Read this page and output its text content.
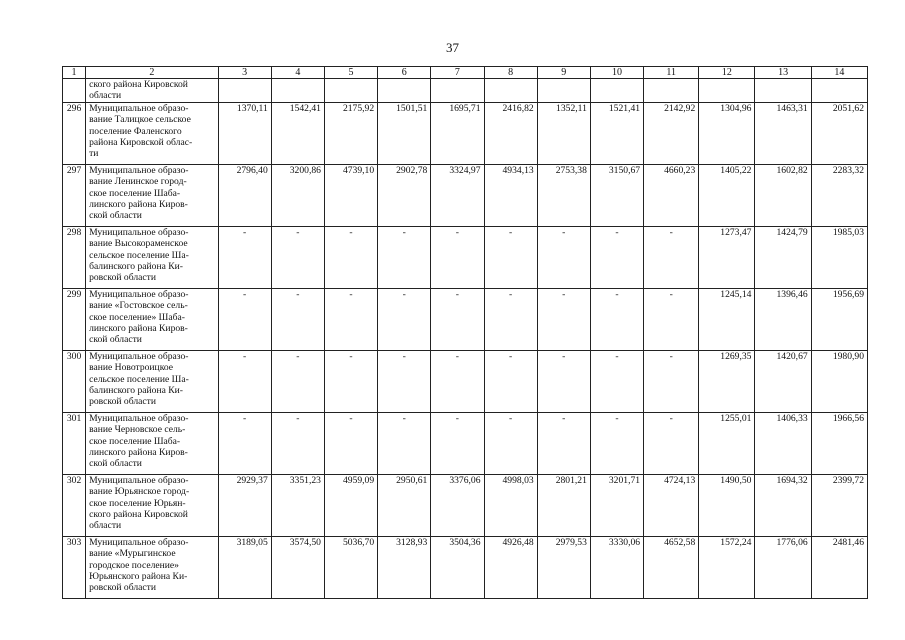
37
1	2	3	4	5	6	7	8	9	10	11	12	13	14
	ского района Кировской
области												
296	Муниципальное образо-
вание Талицкое сельское
поселение Фаленского
района Кировской облас-
ти	1370,11	1542,41	2175,92	1501,51	1695,71	2416,82	1352,11	1521,41	2142,92	1304,96	1463,31	2051,62
297	Муниципальное образо-
вание Ленинское город-
ское поселение Шаба-
линского района Киров-
ской области	2796,40	3200,86	4739,10	2902,78	3324,97	4934,13	2753,38	3150,67	4660,23	1405,22	1602,82	2283,32
298	Муниципальное образо-
вание Высокораменское
сельское поселение Ша-
балинского района Ки-
ровской области	-	-	-	-	-	-	-	-	-	1273,47	1424,79	1985,03
299	Муниципальное образо-
вание «Гостовское сель-
ское поселение» Шаба-
линского района Киров-
ской области	-	-	-	-	-	-	-	-	-	1245,14	1396,46	1956,69
300	Муниципальное образо-
вание Новотроицкое
сельское поселение Ша-
балинского района Ки-
ровской области	-	-	-	-	-	-	-	-	-	1269,35	1420,67	1980,90
301	Муниципальное образо-
вание Черновское сель-
ское поселение Шаба-
линского района Киров-
ской области	-	-	-	-	-	-	-	-	-	1255,01	1406,33	1966,56
302	Муниципальное образо-
вание Юрьянское город-
ское поселение Юрьян-
ского района Кировской
области	2929,37	3351,23	4959,09	2950,61	3376,06	4998,03	2801,21	3201,71	4724,13	1490,50	1694,32	2399,72
303	Муниципальное образо-
вание «Мурыгинское
городское поселение»
Юрьянского района Ки-
ровской области	3189,05	3574,50	5036,70	3128,93	3504,36	4926,48	2979,53	3330,06	4652,58	1572,24	1776,06	2481,46
